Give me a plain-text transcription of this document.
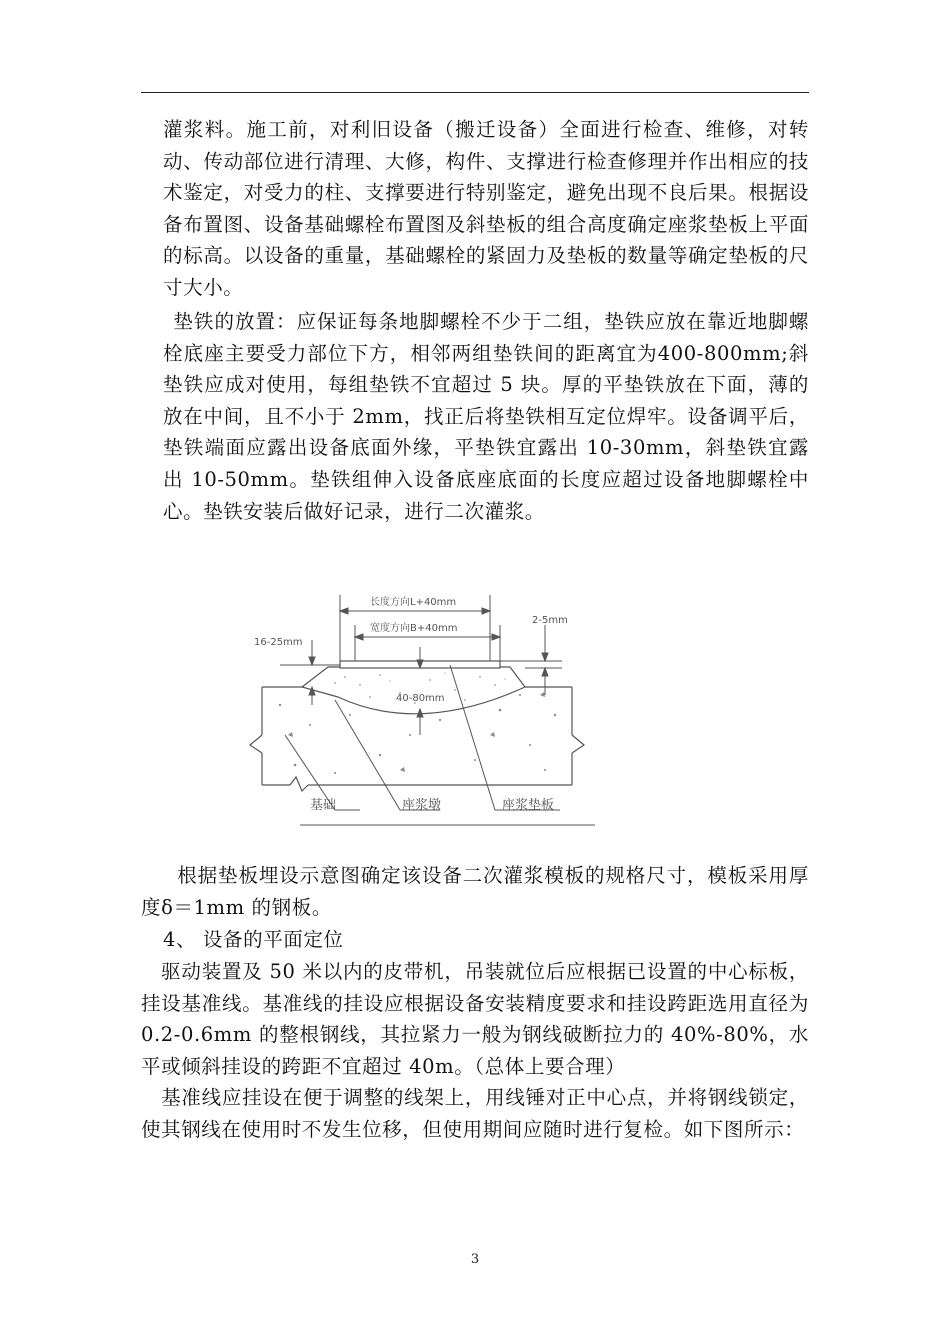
灌浆料。施工前，对利旧设备（搬迁设备）全面进行检查、维修，对转动、传动部位进行清理、大修，构件、支撑进行检查修理并作出相应的技术鉴定，对受力的柱、支撑要进行特别鉴定，避免出现不良后果。根据设备布置图、设备基础螺栓布置图及斜垫板的组合高度确定座浆垫板上平面的标高。以设备的重量，基础螺栓的紧固力及垫板的数量等确定垫板的尺寸大小。

垫铁的放置：应保证每条地脚螺栓不少于二组，垫铁应放在靠近地脚螺栓底座主要受力部位下方，相邻两组垫铁间的距离宜为400-800mm;斜垫铁应成对使用，每组垫铁不宜超过 5 块。厚的平垫铁放在下面，薄的放在中间，且不小于 2mm，找正后将垫铁相互定位焊牢。设备调平后，垫铁端面应露出设备底面外缘，平垫铁宜露出 10-30mm，斜垫铁宜露出 10-50mm。垫铁组伸入设备底座底面的长度应超过设备地脚螺栓中心。垫铁安装后做好记录，进行二次灌浆。

长度方向L+40mm
宽度方向B+40mm
2-5mm
16-25mm
40-80mm
基础	座浆墩	座浆垫板

根据垫板埋设示意图确定该设备二次灌浆模板的规格尺寸，模板采用厚度δ＝1mm 的钢板。

4、 设备的平面定位

驱动装置及 50 米以内的皮带机，吊装就位后应根据已设置的中心标板，挂设基准线。基准线的挂设应根据设备安装精度要求和挂设跨距选用直径为 0.2-0.6mm 的整根钢线，其拉紧力一般为钢线破断拉力的 40%-80%，水平或倾斜挂设的跨距不宜超过 40m。（总体上要合理）

基准线应挂设在便于调整的线架上，用线锤对正中心点，并将钢线锁定，使其钢线在使用时不发生位移，但使用期间应随时进行复检。如下图所示：

3
